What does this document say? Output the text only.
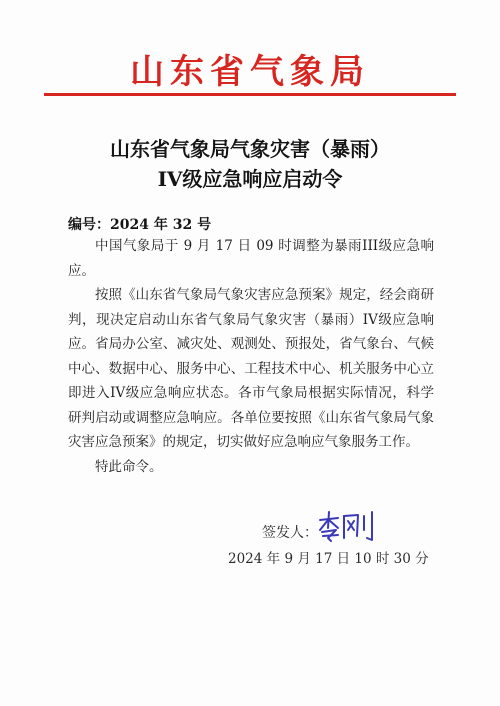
山东省气象局
山东省气象局气象灾害（暴雨）
IV级应急响应启动令
编号：2024 年 32 号

中国气象局于 9 月 17 日 09 时调整为暴雨III级应急响应。

按照《山东省气象局气象灾害应急预案》规定，经会商研判，现决定启动山东省气象局气象灾害（暴雨）IV级应急响应。省局办公室、减灾处、观测处、预报处，省气象台、气候中心、数据中心、服务中心、工程技术中心、机关服务中心立即进入IV级应急响应状态。各市气象局根据实际情况，科学研判启动或调整应急响应。各单位要按照《山东省气象局气象灾害应急预案》的规定，切实做好应急响应气象服务工作。

特此命令。

签发人：
2024 年 9 月 17 日 10 时 30 分
